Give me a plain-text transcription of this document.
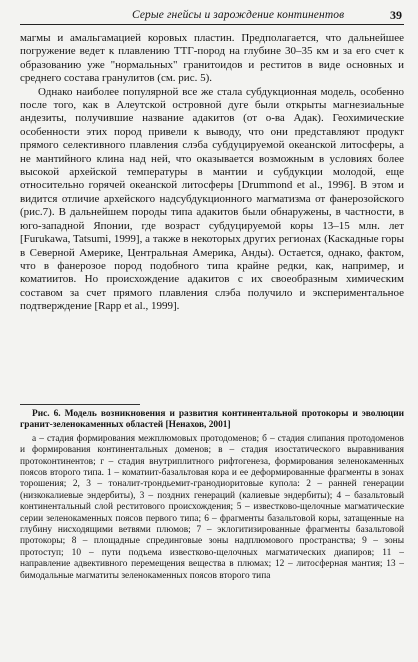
Серые гнейсы и зарождение континентов	39

магмы и амальгамацией коровых пластин. Предполагается, что дальнейшее погружение ведет к плавлению ТТГ-пород на глубине 30–35 км и за его счет к образованию уже "нормальных" гранитоидов и реститов в виде основных и среднего состава гранулитов (см. рис. 5).

Однако наиболее популярной все же стала субдукционная модель, особенно после того, как в Алеутской островной дуге были открыты магнезиальные андезиты, получившие название адакитов (от о-ва Адак). Геохимические особенности этих пород привели к выводу, что они представляют продукт прямого селективного плавления слэба субдуцируемой океанской литосферы, а не мантийного клина над ней, что оказывается возможным в условиях более высокой архейской температуры в мантии и субдукции молодой, еще относительно горячей океанской литосферы [Drummond et al., 1996]. В этом и видится отличие архейского надсубдукционного магматизма от фанерозойского (рис.7). В дальнейшем породы типа адакитов были обнаружены, в частности, в юго-западной Японии, где возраст субдуцируемой коры 13–15 млн. лет [Furukawa, Tatsumi, 1999], а также в некоторых других регионах (Каскадные горы в Северной Америке, Центральная Америка, Анды). Остается, однако, фактом, что в фанерозое пород подобного типа крайне редки, как, например, и коматиитов. Но происхождение адакитов с их своеобразным химическим составом за счет прямого плавления слэба получило и экспериментальное подтверждение [Rapp et al., 1999].

Рис. 6. Модель возникновения и развития континентальной протокоры и эволюции гранит-зеленокаменных областей [Ненахов, 2001]

а – стадия формирования межплюмовых протодоменов; б – стадия слипания протодоменов и формирования континентальных доменов; в – стадия изостатического выравнивания протоконтинентов; г – стадия внутриплитного рифтогенеза, формирования зеленокаменных поясов второго типа. 1 – коматиит-базальтовая кора и ее деформированные фрагменты в зонах торошения; 2, 3 – тоналит-трондьемит-гранодиоритовые купола: 2 – ранней генерации (низкокалиевые эндербиты), 3 – поздних генераций (калиевые эндербиты); 4 – базальтовый континентальный слой реститового происхождения; 5 – известково-щелочные магматические серии зеленокаменных поясов первого типа; 6 – фрагменты базальтовой коры, затащенные на глубину нисходящими ветвями плюмов; 7 – эклогитизированные фрагменты базальтовой протокоры; 8 – площадные спрединговые зоны надплюмового пространства; 9 – зоны протоступ; 10 – пути подъема известково-щелочных магматических диапиров; 11 – направление адвективного перемещения вещества в плюмах; 12 – литосферная мантия; 13 – бимодальные магматиты зеленокаменных поясов второго типа
